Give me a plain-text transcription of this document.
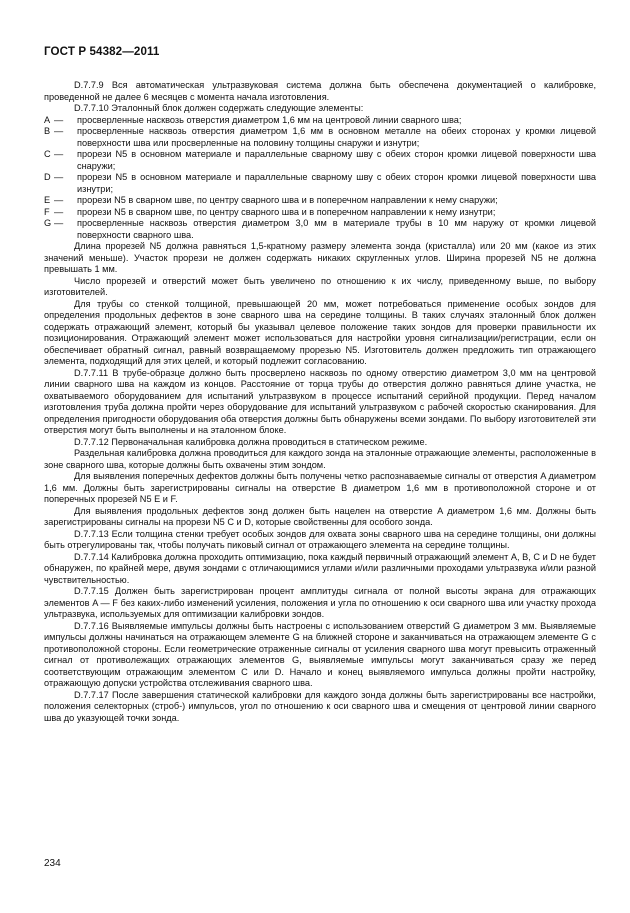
ГОСТ Р 54382—2011

D.7.7.9 Вся автоматическая ультразвуковая система должна быть обеспечена документацией о калибровке, проведенной не далее 6 месяцев с момента начала изготовления.

D.7.7.10 Эталонный блок должен содержать следующие элементы:

A —	просверленные насквозь отверстия диаметром 1,6 мм на центровой линии сварного шва;
B —	просверленные насквозь отверстия диаметром 1,6 мм в основном металле на обеих сторонах у кромки лицевой поверхности шва или просверленные на половину толщины снаружи и изнутри;
C —	прорези N5 в основном материале и параллельные сварному шву с обеих сторон кромки лицевой поверхности шва снаружи;
D —	прорези N5 в основном материале и параллельные сварному шву с обеих сторон кромки лицевой поверхности шва изнутри;
E —	прорези N5 в сварном шве, по центру сварного шва и в поперечном направлении к нему снаружи;
F —	прорези N5 в сварном шве, по центру сварного шва и в поперечном направлении к нему изнутри;
G —	просверленные насквозь отверстия диаметром 3,0 мм в материале трубы в 10 мм наружу от кромки лицевой поверхности сварного шва.

Длина прорезей N5 должна равняться 1,5-кратному размеру элемента зонда (кристалла) или 20 мм (какое из этих значений меньше). Участок прорези не должен содержать никаких скругленных углов. Ширина прорезей N5 не должна превышать 1 мм.

Число прорезей и отверстий может быть увеличено по отношению к их числу, приведенному выше, по выбору изготовителей.

Для трубы со стенкой толщиной, превышающей 20 мм, может потребоваться применение особых зондов для определения продольных дефектов в зоне сварного шва на середине толщины. В таких случаях эталонный блок должен содержать отражающий элемент, который бы указывал целевое положение таких зондов для проверки правильности их позиционирования. Отражающий элемент может использоваться для настройки уровня сигнализации/регистрации, если он обеспечивает обратный сигнал, равный возвращаемому прорезью N5. Изготовитель должен предложить тип отражающего элемента, подходящий для этих целей, и который подлежит согласованию.

D.7.7.11 В трубе-образце должно быть просверлено насквозь по одному отверстию диаметром 3,0 мм на центровой линии сварного шва на каждом из концов. Расстояние от торца трубы до отверстия должно равняться длине участка, не охватываемого оборудованием для испытаний ультразвуком в процессе испытаний серийной продукции. Перед началом изготовления труба должна пройти через оборудование для испытаний ультразвуком с рабочей скоростью сканирования. Для определения пригодности оборудования оба отверстия должны быть обнаружены всеми зондами. По выбору изготовителей эти отверстия могут быть выполнены и на эталонном блоке.

D.7.7.12 Первоначальная калибровка должна проводиться в статическом режиме.

Раздельная калибровка должна проводиться для каждого зонда на эталонные отражающие элементы, расположенные в зоне сварного шва, которые должны быть охвачены этим зондом.

Для выявления поперечных дефектов должны быть получены четко распознаваемые сигналы от отверстия A диаметром 1,6 мм. Должны быть зарегистрированы сигналы на отверстие B диаметром 1,6 мм в противоположной стороне и от поперечных прорезей N5 E и F.

Для выявления продольных дефектов зонд должен быть нацелен на отверстие A диаметром 1,6 мм. Должны быть зарегистрированы сигналы на прорези N5 C и D, которые свойственны для особого зонда.

D.7.7.13 Если толщина стенки требует особых зондов для охвата зоны сварного шва на середине толщины, они должны быть отрегулированы так, чтобы получать пиковый сигнал от отражающего элемента на середине толщины.

D.7.7.14 Калибровка должна проходить оптимизацию, пока каждый первичный отражающий элемент A, B, C и D не будет обнаружен, по крайней мере, двумя зондами с отличающимися углами и/или различными проходами ультразвука и/или разной чувствительностью.

D.7.7.15 Должен быть зарегистрирован процент амплитуды сигнала от полной высоты экрана для отражающих элементов A — F без каких-либо изменений усиления, положения и угла по отношению к оси сварного шва или участку прохода ультразвука, используемых для оптимизации калибровки зондов.

D.7.7.16 Выявляемые импульсы должны быть настроены с использованием отверстий G диаметром 3 мм. Выявляемые импульсы должны начинаться на отражающем элементе G на ближней стороне и заканчиваться на отражающем элементе G с противоположной стороны. Если геометрические отраженные сигналы от усиления сварного шва могут превысить отраженный сигнал от противолежащих отражающих элементов G, выявляемые импульсы могут заканчиваться сразу же перед соответствующим отражающим элементом C или D. Начало и конец выявляемого импульса должны пройти настройку, отражающую допуски устройства отслеживания сварного шва.

D.7.7.17 После завершения статической калибровки для каждого зонда должны быть зарегистрированы все настройки, положения селекторных (строб-) импульсов, угол по отношению к оси сварного шва и смещения от центровой линии сварного шва до указующей точки зонда.

234
